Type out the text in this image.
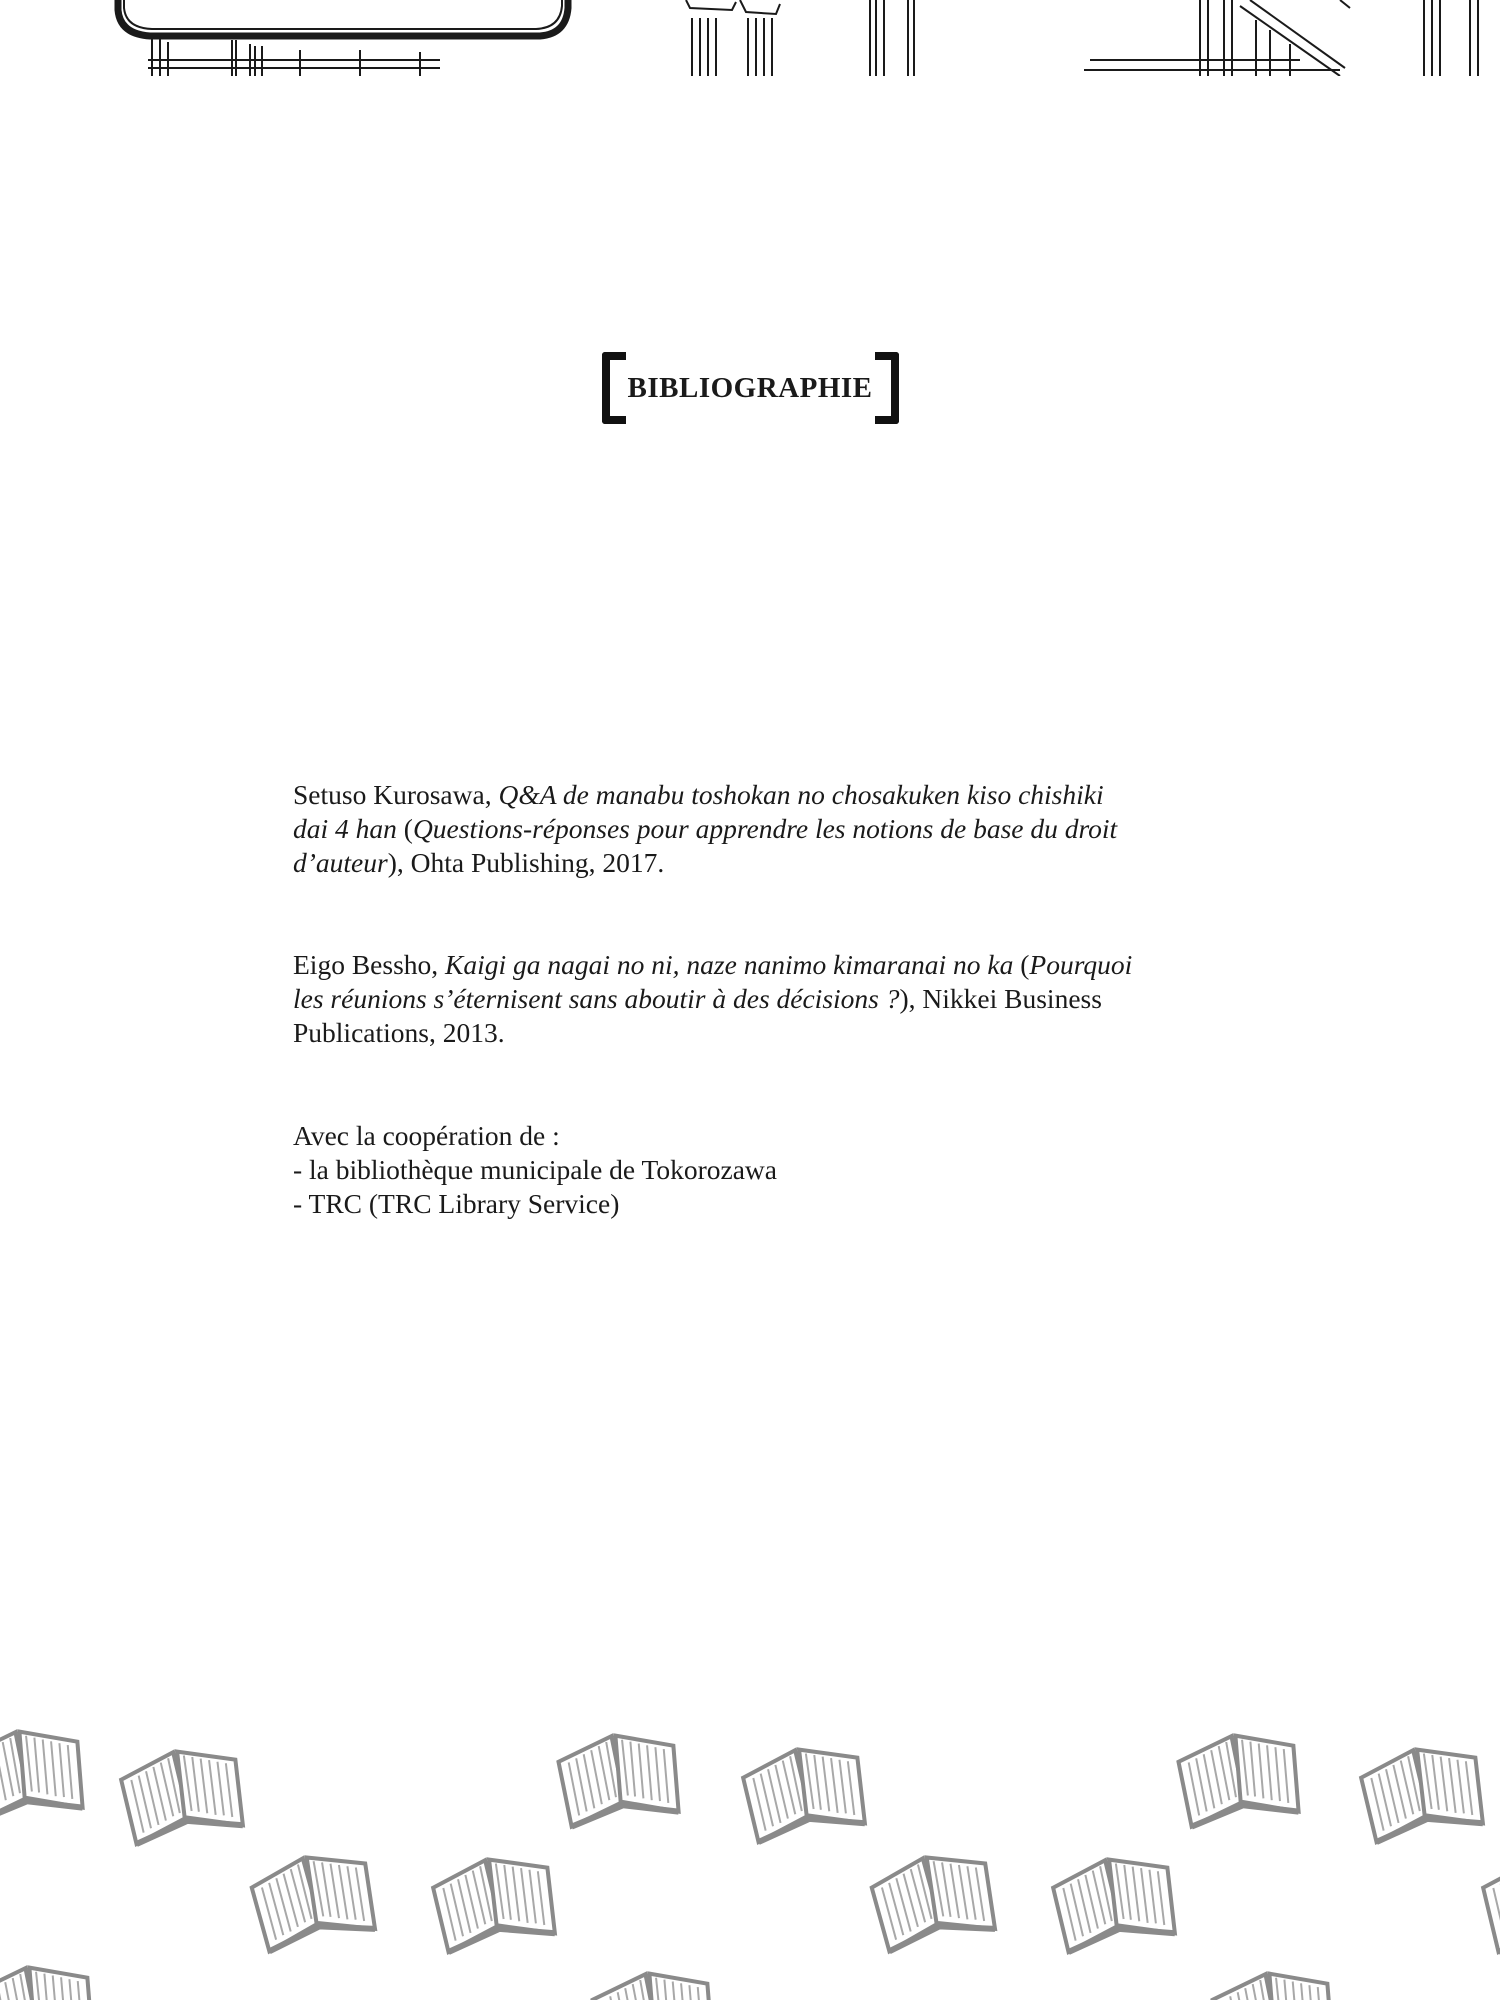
BIBLIOGRAPHIE
Setuso Kurosawa, Q&A de manabu toshokan no chosakuken kiso chishiki
dai 4 han (Questions-réponses pour apprendre les notions de base du droit
d’auteur), Ohta Publishing, 2017.
Eigo Bessho, Kaigi ga nagai no ni, naze nanimo kimaranai no ka (Pourquoi
les réunions s’éternisent sans aboutir à des décisions ?), Nikkei Business
Publications, 2013.
Avec la coopération de :
- la bibliothèque municipale de Tokorozawa
- TRC (TRC Library Service)
